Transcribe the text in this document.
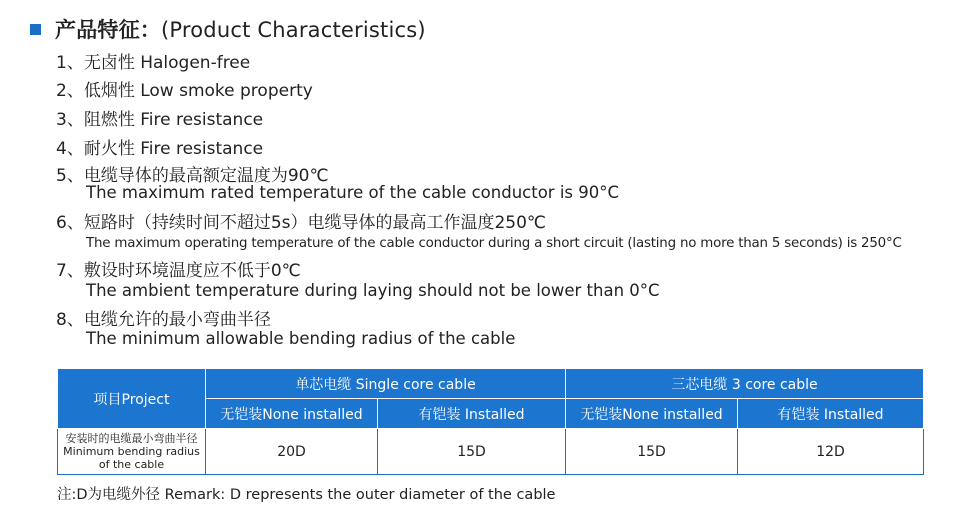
产品特征：(Product Characteristics)
1、无卤性 Halogen-free
2、低烟性 Low smoke property
3、阻燃性 Fire resistance
4、耐火性 Fire resistance
5、电缆导体的最高额定温度为90℃
The maximum rated temperature of the cable conductor is 90°C
6、短路时（持续时间不超过5s）电缆导体的最高工作温度250℃
The maximum operating temperature of the cable conductor during a short circuit (lasting no more than 5 seconds) is 250°C
7、敷设时环境温度应不低于0℃
The ambient temperature during laying should not be lower than 0°C
8、电缆允许的最小弯曲半径
The minimum allowable bending radius of the cable
项目Project	单芯电缆 Single core cable		三芯电缆 3 core cable	
	无铠装None installed	有铠装 Installed	无铠装None installed	有铠装 Installed

安装时的电缆最小弯曲半径
Minimum bending radius
of the cable	20D	15D	15D	12D
注:D为电缆外径 Remark: D represents the outer diameter of the cable
